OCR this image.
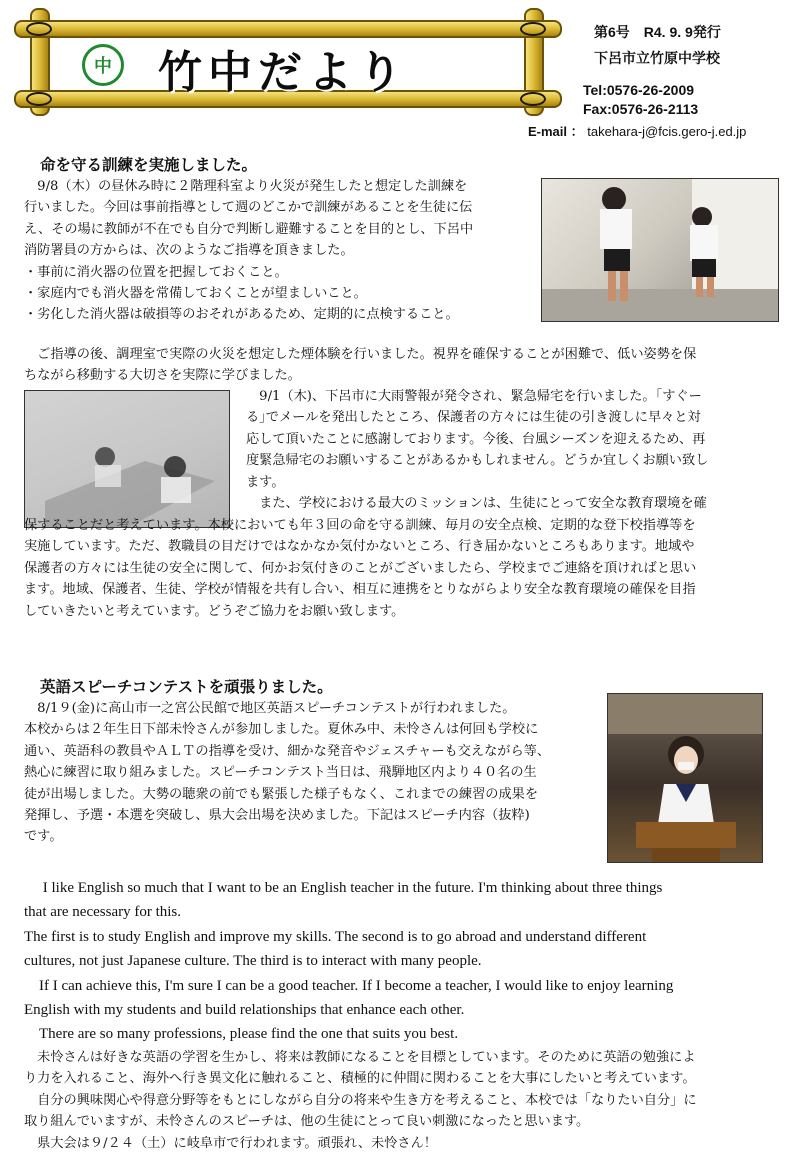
中 竹中だより
第6号　R4. 9. 9発行
下呂市立竹原中学校
Tel:0576-26-2009
Fax:0576-26-2113
E-mail ： takehara-j@fcis.gero-j.ed.jp
命を守る訓練を実施しました。
　9/8（木）の昼休み時に２階理科室より火災が発生したと想定した訓練を
行いました。今回は事前指導として週のどこかで訓練があることを生徒に伝
え、その場に教師が不在でも自分で判断し避難することを目的とし、下呂中
消防署員の方からは、次のようなご指導を頂きました。
・事前に消火器の位置を把握しておくこと。
・家庭内でも消火器を常備しておくことが望ましいこと。
・劣化した消火器は破損等のおそれがあるため、定期的に点検すること。
　ご指導の後、調理室で実際の火災を想定した煙体験を行いました。視界を確保することが困難で、低い姿勢を保
ちながら移動する大切さを実際に学びました。
　9/1（木)、下呂市に大雨警報が発令され、緊急帰宅を行いました。｢すぐー
る｣でメールを発出したところ、保護者の方々には生徒の引き渡しに早々と対
応して頂いたことに感謝しております。今後、台風シーズンを迎えるため、再
度緊急帰宅のお願いすることがあるかもしれません。どうか宜しくお願い致し
ます。
　また、学校における最大のミッションは、生徒にとって安全な教育環境を確
保することだと考えています。本校においても年３回の命を守る訓練、毎月の安全点検、定期的な登下校指導等を
実施しています。ただ、教職員の目だけではなかなか気付かないところ、行き届かないところもあります。地域や
保護者の方々には生徒の安全に関して、何かお気付きのことがございましたら、学校までご連絡を頂ければと思い
ます。地域、保護者、生徒、学校が情報を共有し合い、相互に連携をとりながらより安全な教育環境の確保を目指
していきたいと考えています。どうぞご協力をお願い致します。
英語スピーチコンテストを頑張りました。
　8/1９(金)に高山市一之宮公民館で地区英語スピーチコンテストが行われました。
本校からは２年生日下部未怜さんが参加しました。夏休み中、未怜さんは何回も学校に
通い、英語科の教員やＡＬＴの指導を受け、細かな発音やジェスチャーも交えながら等、
熱心に練習に取り組みました。スピーチコンテスト当日は、飛騨地区内より４０名の生
徒が出場しました。大勢の聴衆の前でも緊張した様子もなく、これまでの練習の成果を
発揮し、予選・本選を突破し、県大会出場を決めました。下記はスピーチ内容（抜粋)
です。
　 I like English so much that I want to be an English teacher in the future. I'm thinking about three things
that are necessary for this.
The first is to study English and improve my skills. The second is to go abroad and understand different
cultures, not just Japanese culture. The third is to interact with many people.
　If I can achieve this, I'm sure I can be a good teacher. If I become a teacher, I would like to enjoy learning
English with my students and build relationships that enhance each other.
　There are so many professions, please find the one that suits you best.
　未怜さんは好きな英語の学習を生かし、将来は教師になることを目標としています。そのために英語の勉強によ
り力を入れること、海外へ行き異文化に触れること、積極的に仲間に関わることを大事にしたいと考えています。
　自分の興味関心や得意分野等をもとにしながら自分の将来や生き方を考えること、本校では「なりたい自分」に
取り組んでいますが、未怜さんのスピーチは、他の生徒にとって良い刺激になったと思います。
　県大会は９/２４（土）に岐阜市で行われます。頑張れ、未怜さん！
